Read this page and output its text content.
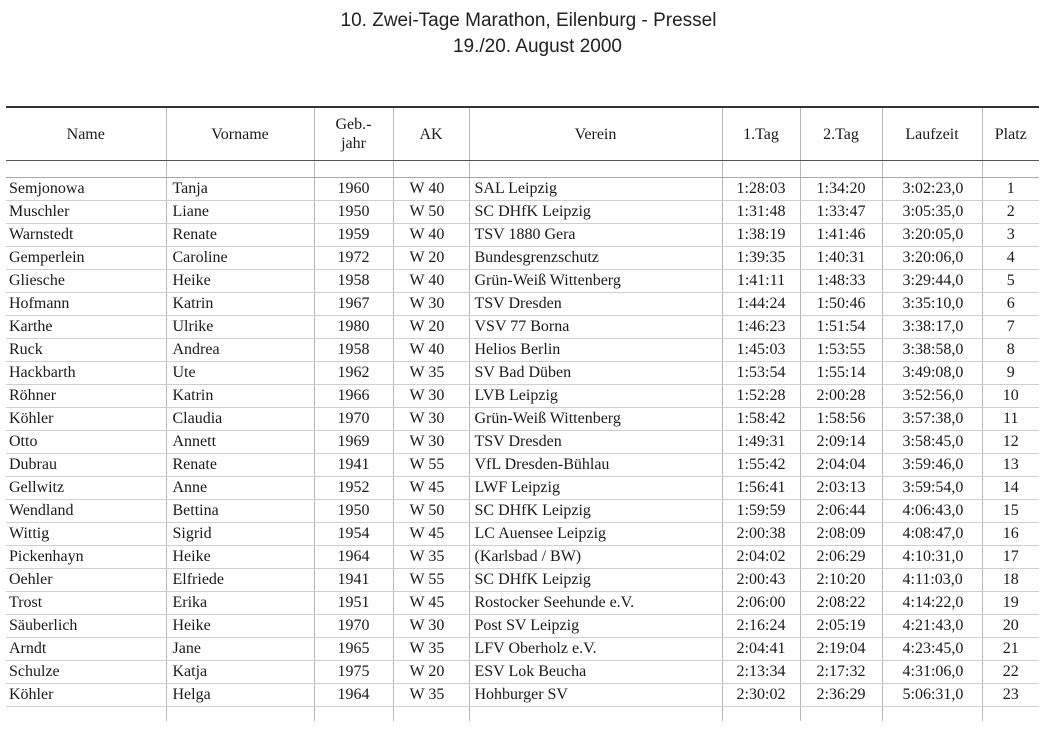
10. Zwei-Tage Marathon, Eilenburg - Pressel
19./20. August 2000
Name	Vorname	Geb.-
jahr	AK	Verein	1.Tag	2.Tag	Laufzeit	Platz

Semjonowa	Tanja	1960	W 40	SAL Leipzig	1:28:03	1:34:20	3:02:23,0	1
Muschler	Liane	1950	W 50	SC DHfK Leipzig	1:31:48	1:33:47	3:05:35,0	2
Warnstedt	Renate	1959	W 40	TSV 1880 Gera	1:38:19	1:41:46	3:20:05,0	3
Gemperlein	Caroline	1972	W 20	Bundesgrenzschutz	1:39:35	1:40:31	3:20:06,0	4
Gliesche	Heike	1958	W 40	Grün-Weiß Wittenberg	1:41:11	1:48:33	3:29:44,0	5
Hofmann	Katrin	1967	W 30	TSV Dresden	1:44:24	1:50:46	3:35:10,0	6
Karthe	Ulrike	1980	W 20	VSV 77 Borna	1:46:23	1:51:54	3:38:17,0	7
Ruck	Andrea	1958	W 40	Helios Berlin	1:45:03	1:53:55	3:38:58,0	8
Hackbarth	Ute	1962	W 35	SV Bad Düben	1:53:54	1:55:14	3:49:08,0	9
Röhner	Katrin	1966	W 30	LVB Leipzig	1:52:28	2:00:28	3:52:56,0	10
Köhler	Claudia	1970	W 30	Grün-Weiß Wittenberg	1:58:42	1:58:56	3:57:38,0	11
Otto	Annett	1969	W 30	TSV Dresden	1:49:31	2:09:14	3:58:45,0	12
Dubrau	Renate	1941	W 55	VfL Dresden-Bühlau	1:55:42	2:04:04	3:59:46,0	13
Gellwitz	Anne	1952	W 45	LWF Leipzig	1:56:41	2:03:13	3:59:54,0	14
Wendland	Bettina	1950	W 50	SC DHfK Leipzig	1:59:59	2:06:44	4:06:43,0	15
Wittig	Sigrid	1954	W 45	LC Auensee Leipzig	2:00:38	2:08:09	4:08:47,0	16
Pickenhayn	Heike	1964	W 35	(Karlsbad / BW)	2:04:02	2:06:29	4:10:31,0	17
Oehler	Elfriede	1941	W 55	SC DHfK Leipzig	2:00:43	2:10:20	4:11:03,0	18
Trost	Erika	1951	W 45	Rostocker Seehunde e.V.	2:06:00	2:08:22	4:14:22,0	19
Säuberlich	Heike	1970	W 30	Post SV Leipzig	2:16:24	2:05:19	4:21:43,0	20
Arndt	Jane	1965	W 35	LFV Oberholz e.V.	2:04:41	2:19:04	4:23:45,0	21
Schulze	Katja	1975	W 20	ESV Lok Beucha	2:13:34	2:17:32	4:31:06,0	22
Köhler	Helga	1964	W 35	Hohburger SV	2:30:02	2:36:29	5:06:31,0	23
